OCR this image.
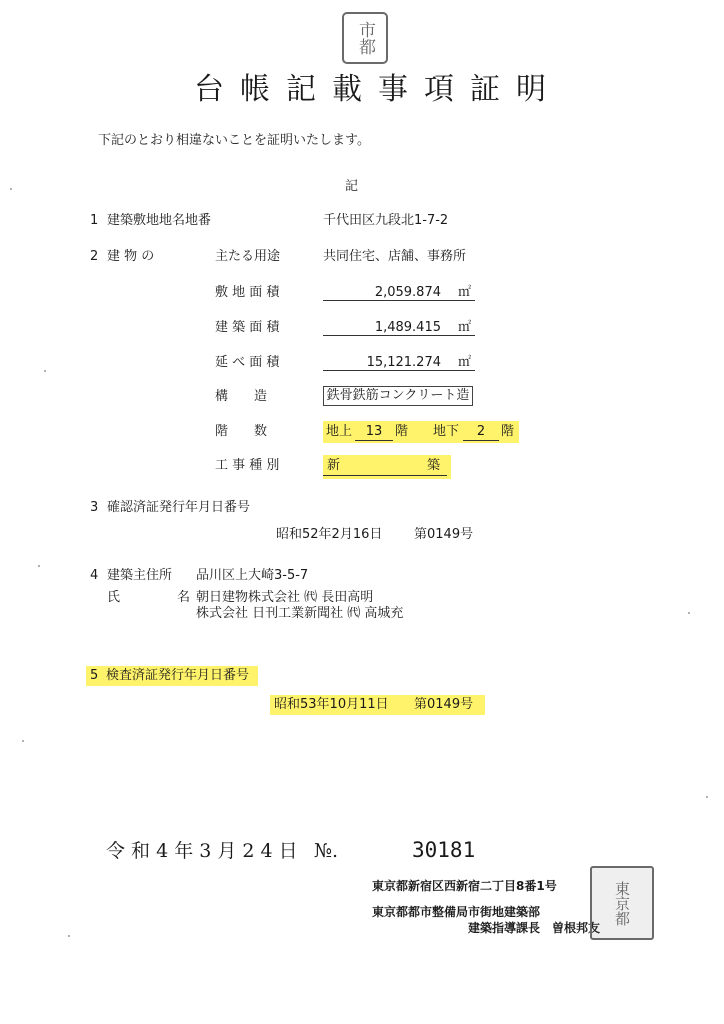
市都
台帳記載事項証明
下記のとおり相違ないことを証明いたします。
記
1 建築敷地地名地番	千代田区九段北1-7-2
2 建 物 の	主たる用途	共同住宅、店舗、事務所
敷 地 面 積	2,059.874 ㎡
建 築 面 積	1,489.415 ㎡
延 べ 面 積	15,121.274 ㎡
構　　造	鉄骨鉄筋コンクリート造
階　　数	地上	13 階 地下	2	階
工 事 種 別	新	築
3 確認済証発行年月日番号
昭和52年2月16日 第0149号
4 建築主住所 品川区上大崎3-5-7
氏	名 朝日建物株式会社 ㈹ 長田高明
株式会社 日刊工業新聞社 ㈹ 高城充
5 検査済証発行年月日番号
昭和53年10月11日 第0149号
令 和 4 年 3 月 2 4 日 №.	30181
東京都新宿区西新宿二丁目8番1号
東京都都市整備局市街地建築部
建築指導課長　曽根邦友
東京都
